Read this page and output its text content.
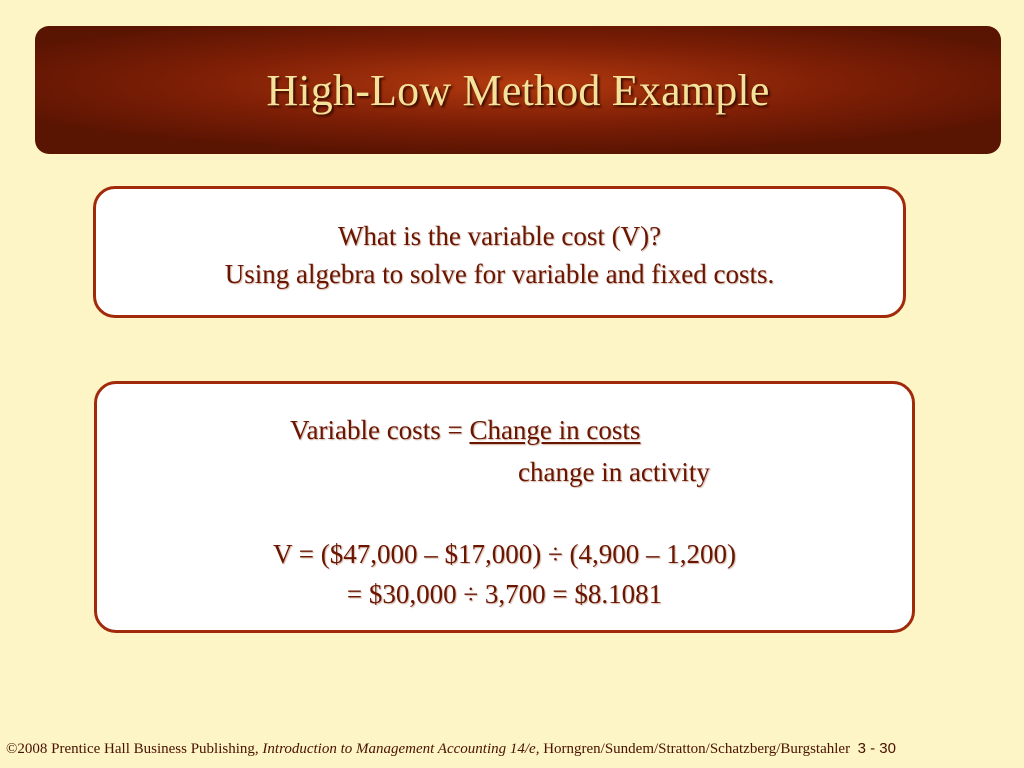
High-Low Method Example
What is the variable cost (V)?
Using algebra to solve for variable and fixed costs.
Variable costs = Change in costs
change in activity
V = ($47,000 – $17,000) ÷ (4,900 – 1,200)
= $30,000 ÷ 3,700 = $8.1081
©2008 Prentice Hall Business Publishing, Introduction to Management Accounting 14/e, Horngren/Sundem/Stratton/Schatzberg/Burgstahler 3 - 30
